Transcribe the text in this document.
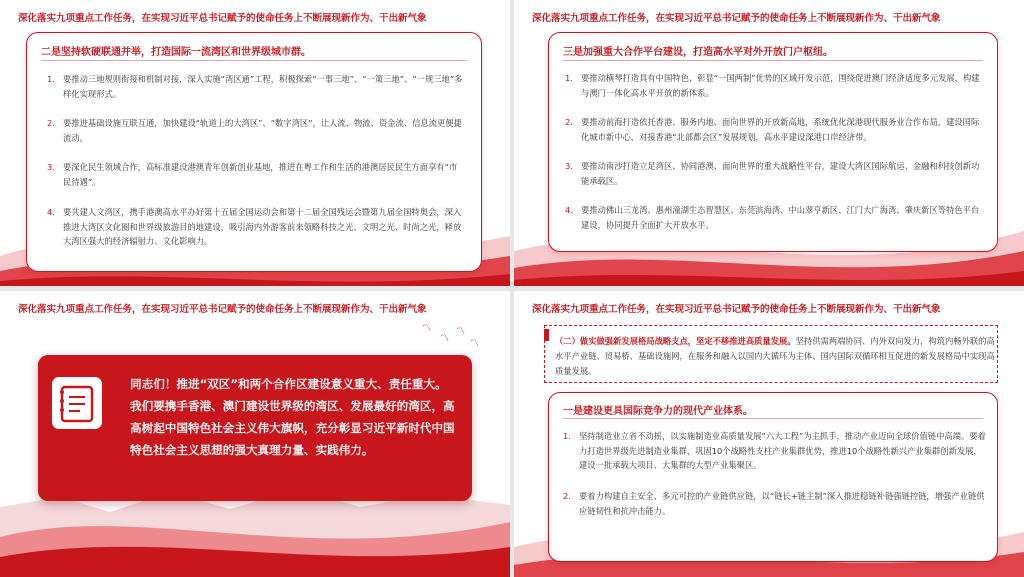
深化落实九项重点工作任务，在实现习近平总书记赋予的使命任务上不断展现新作为、干出新气象
二是坚持软硬联通并举，打造国际一流湾区和世界级城市群。
1. 要推动三地规则衔接和机制对接，深入实施“湾区通”工程，积极探索“一事三地”、“一策三地”、“一规三地”多样化实现形式。
2. 要推进基础设施互联互通，加快建设“轨道上的大湾区”、“数字湾区”，让人流、物流、资金流、信息流更便捷流动。
3. 要深化民生领域合作，高标准建设港澳青年创新创业基地，推进在粤工作和生活的港澳居民民生方面享有“市民待遇”。
4. 要共建人文湾区，携手港澳高水平办好第十五届全国运动会和第十二届全国残运会暨第九届全国特奥会，深入推进大湾区文化圈和世界级旅游目的地建设，吸引海内外游客前来领略科技之光、文明之光、时尚之光，释放大湾区强大的经济辐射力、文化影响力。
深化落实九项重点工作任务，在实现习近平总书记赋予的使命任务上不断展现新作为、干出新气象
三是加强重大合作平台建设，打造高水平对外开放门户枢纽。
1. 要推动横琴打造具有中国特色、彰显“一国两制”优势的区域开发示范，围绕促进澳门经济适度多元发展，构建与澳门一体化高水平开放的新体系。
2. 要推动前海打造依托香港、服务内地、面向世界的开放新高地，系统优化深港现代服务业合作布局，建设国际化城市新中心，对接香港“北部都会区”发展规划，高水平建设深港口岸经济带。
3. 要推动南沙打造立足湾区、协同港澳、面向世界的重大战略性平台，建设大湾区国际航运、金融和科技创新功能承载区。
4. 要推动佛山三龙湾、惠州潼湖生态智慧区、东莞滨海湾、中山翠亨新区、江门大广海湾、肇庆新区等特色平台建设，协同提升全面扩大开放水平。
深化落实九项重点工作任务，在实现习近平总书记赋予的使命任务上不断展现新作为、干出新气象
〽
〽
〽
〽
同志们！推进“双区”和两个合作区建设意义重大、责任重大。我们要携手香港、澳门建设世界级的湾区、发展最好的湾区，高高树起中国特色社会主义伟大旗帜，充分彰显习近平新时代中国特色社会主义思想的强大真理力量、实践伟力。
深化落实九项重点工作任务，在实现习近平总书记赋予的使命任务上不断展现新作为、干出新气象
（二）做实做强新发展格局战略支点，坚定不移推进高质量发展。坚持供需两端协同、内外双向发力，构筑内畅外联的高水平产业链、贸易桥、基础设施网，在服务和融入以国内大循环为主体、国内国际双循环相互促进的新发展格局中实现高质量发展。
一是建设更具国际竞争力的现代产业体系。
1. 坚持制造业立省不动摇，以实施制造业高质量发展“六大工程”为主抓手，推动产业迈向全球价值链中高端。要着力打造世界级先进制造业集群，巩固10个战略性支柱产业集群优势，推进10个战略性新兴产业集群创新发展，建设一批承载大项目、大集群的大型产业集聚区。
2. 要着力构建自主安全、多元可控的产业链供应链，以“链长+链主制”深入推进稳链补链强链控链，增强产业链供应链韧性和抗冲击能力。
